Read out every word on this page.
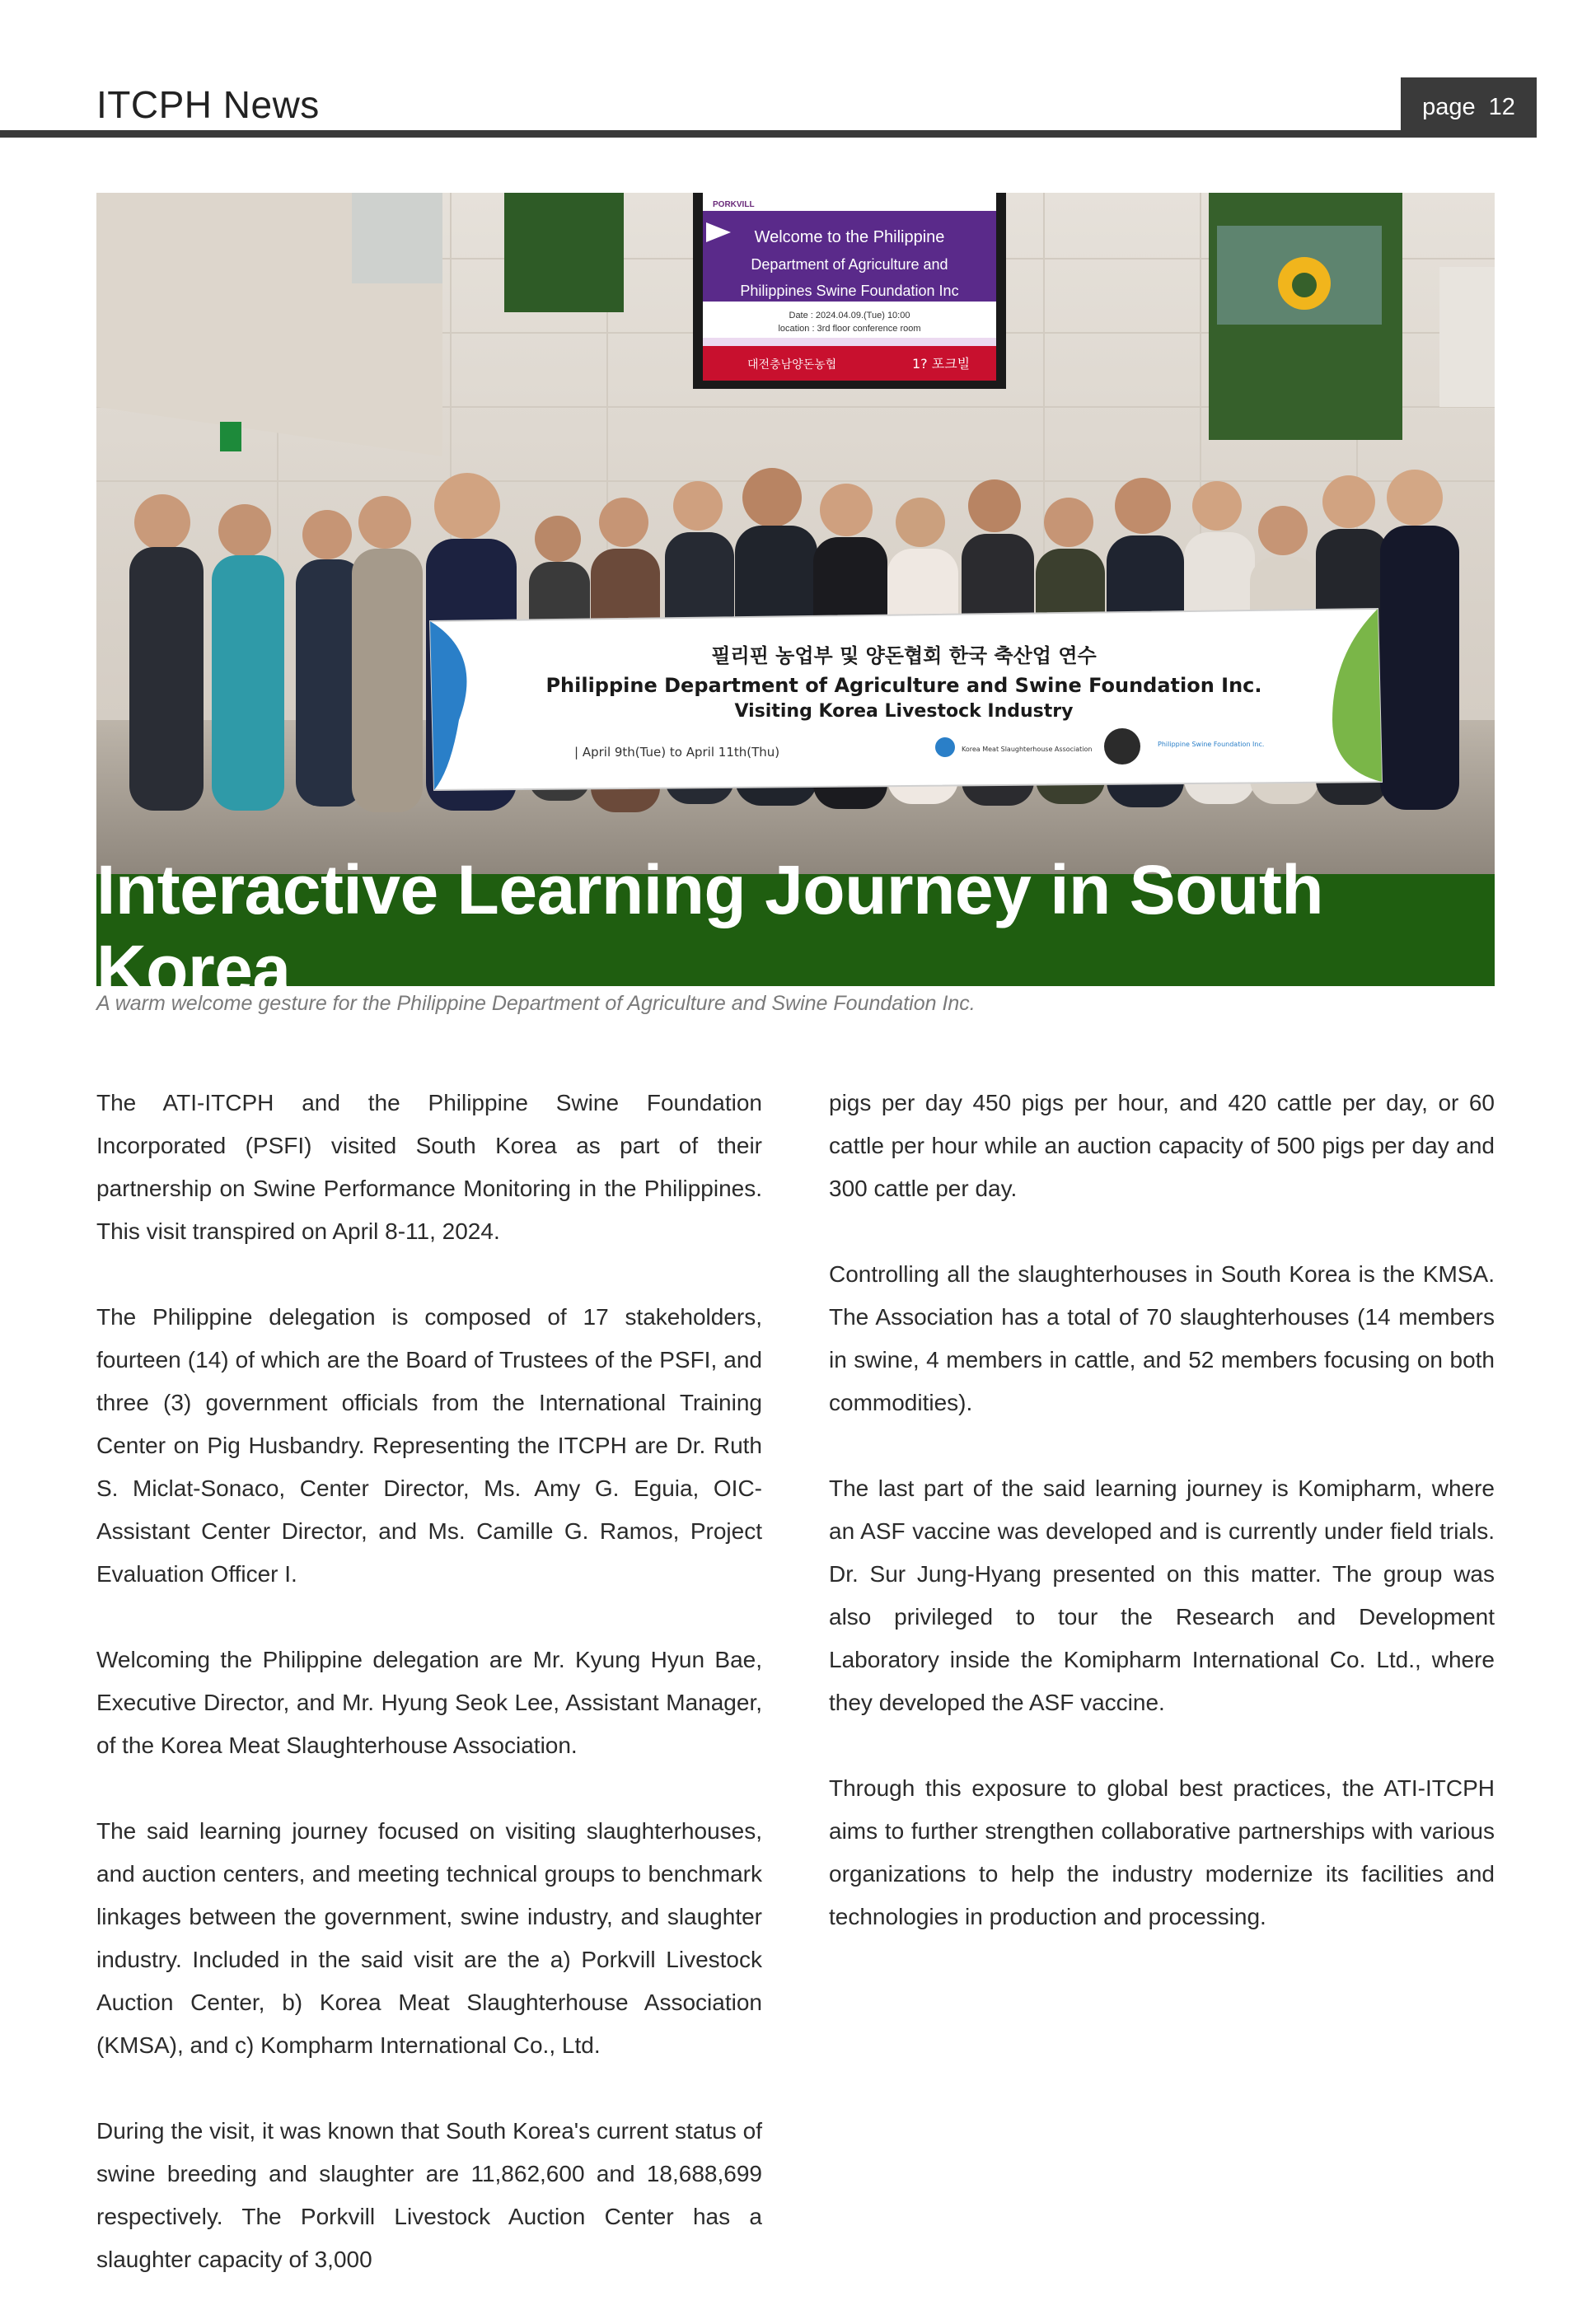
ITCPH News	page 12
PORKVILL
Welcome to the Philippine
Department of Agriculture and
Philippines Swine Foundation Inc
Date : 2024.04.09.(Tue) 10:00
location : 3rd floor conference room
대전충남양돈농협	1? 포크빌
필리핀 농업부 및 양돈협회 한국 축산업 연수
Philippine Department of Agriculture and Swine Foundation Inc.
Visiting Korea Livestock Industry
| April 9th(Tue) to April 11th(Thu)	Korea Meat Slaughterhouse Association
Philippine Swine Foundation Inc.
Interactive Learning Journey in South Korea
A warm welcome gesture for the Philippine Department of Agriculture and Swine Foundation Inc.

The ATI-ITCPH and the Philippine Swine Foundation Incorporated (PSFI) visited South Korea as part of their partnership on Swine Performance Monitoring in the Philippines. This visit transpired on April 8-11, 2024.

The Philippine delegation is composed of 17 stakeholders, fourteen (14) of which are the Board of Trustees of the PSFI, and three (3) government officials from the International Training Center on Pig Husbandry. Representing the ITCPH are Dr. Ruth S. Miclat-Sonaco, Center Director, Ms. Amy G. Eguia, OIC-Assistant Center Director, and Ms. Camille G. Ramos, Project Evaluation Officer I.

Welcoming the Philippine delegation are Mr. Kyung Hyun Bae, Executive Director, and Mr. Hyung Seok Lee, Assistant Manager, of the Korea Meat Slaughterhouse Association.

The said learning journey focused on visiting slaughterhouses, and auction centers, and meeting technical groups to benchmark linkages between the government, swine industry, and slaughter industry. Included in the said visit are the a) Porkvill Livestock Auction Center, b) Korea Meat Slaughterhouse Association (KMSA), and c) Kompharm International Co., Ltd.

During the visit, it was known that South Korea's current status of swine breeding and slaughter are 11,862,600 and 18,688,699 respectively. The Porkvill Livestock Auction Center has a slaughter capacity of 3,000

pigs per day 450 pigs per hour, and 420 cattle per day, or 60 cattle per hour while an auction capacity of 500 pigs per day and 300 cattle per day.

Controlling all the slaughterhouses in South Korea is the KMSA. The Association has a total of 70 slaughterhouses (14 members in swine, 4 members in cattle, and 52 members focusing on both commodities).

The last part of the said learning journey is Komipharm, where an ASF vaccine was developed and is currently under field trials. Dr. Sur Jung-Hyang presented on this matter. The group was also privileged to tour the Research and Development Laboratory inside the Komipharm International Co. Ltd., where they developed the ASF vaccine.

Through this exposure to global best practices, the ATI-ITCPH aims to further strengthen collaborative partnerships with various organizations to help the industry modernize its facilities and technologies in production and processing.
